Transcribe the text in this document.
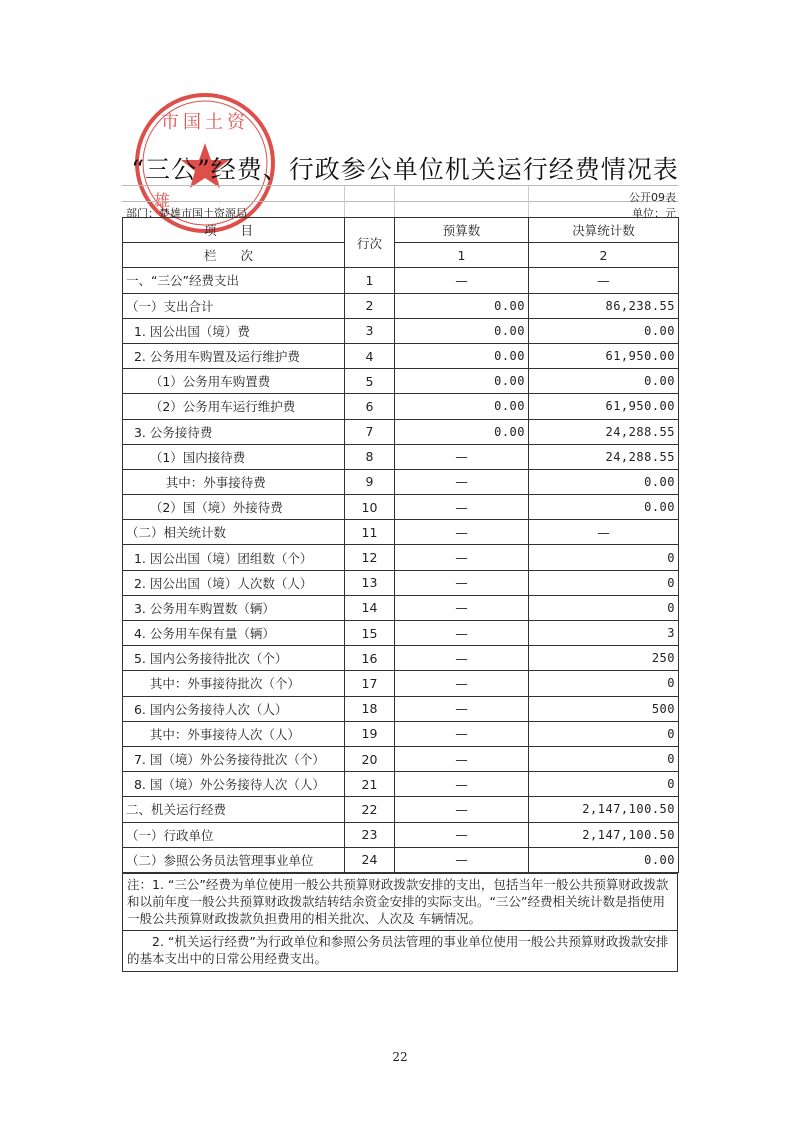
市国土资
雄
“三公”经费、行政参公单位机关运行经费情况表
公开09表
部门：楚雄市国土资源局	单位：元
项 目	行次	预算数	决算统计数
栏 次		1	2
一、“三公”经费支出	1	—	—
（一）支出合计	2	0.00	86,238.55
1. 因公出国（境）费	3	0.00	0.00
2. 公务用车购置及运行维护费	4	0.00	61,950.00
（1）公务用车购置费	5	0.00	0.00
（2）公务用车运行维护费	6	0.00	61,950.00
3. 公务接待费	7	0.00	24,288.55
（1）国内接待费	8	—	24,288.55
其中：外事接待费	9	—	0.00
（2）国（境）外接待费	10	—	0.00
（二）相关统计数	11	—	—
1. 因公出国（境）团组数（个）	12	—	0
2. 因公出国（境）人次数（人）	13	—	0
3. 公务用车购置数（辆）	14	—	0
4. 公务用车保有量（辆）	15	—	3
5. 国内公务接待批次（个）	16	—	250
其中：外事接待批次（个）	17	—	0
6. 国内公务接待人次（人）	18	—	500
其中：外事接待人次（人）	19	—	0
7. 国（境）外公务接待批次（个）	20	—	0
8. 国（境）外公务接待人次（人）	21	—	0
二、机关运行经费	22	—	2,147,100.50
（一）行政单位	23	—	2,147,100.50
（二）参照公务员法管理事业单位	24	—	0.00
注：1. “三公”经费为单位使用一般公共预算财政拨款安排的支出，包括当年一般公共预算财政拨款和以前年度一般公共预算财政拨款结转结余资金安排的实际支出。“三公”经费相关统计数是指使用一般公共预算财政拨款负担费用的相关批次、人次及 车辆情况。
　　2. “机关运行经费”为行政单位和参照公务员法管理的事业单位使用一般公共预算财政拨款安排的基本支出中的日常公用经费支出。
22
